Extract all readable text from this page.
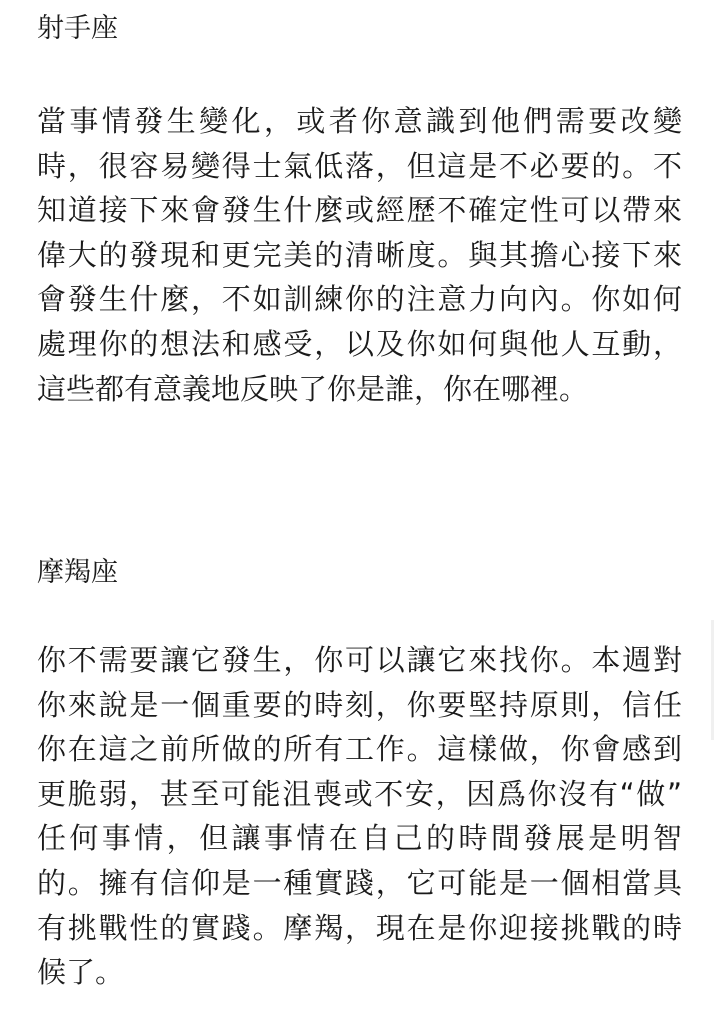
射手座

當事情發生變化，或者你意識到他們需要改變
時，很容易變得士氣低落，但這是不必要的。不
知道接下來會發生什麼或經歷不確定性可以帶來
偉大的發現和更完美的清晰度。與其擔心接下來
會發生什麼，不如訓練你的注意力向內。你如何
處理你的想法和感受，以及你如何與他人互動，
這些都有意義地反映了你是誰，你在哪裡。

摩羯座

你不需要讓它發生，你可以讓它來找你。本週對
你來說是一個重要的時刻，你要堅持原則，信任
你在這之前所做的所有工作。這樣做，你會感到
更脆弱，甚至可能沮喪或不安，因爲你沒有“做”
任何事情，但讓事情在自己的時間發展是明智
的。擁有信仰是一種實踐，它可能是一個相當具
有挑戰性的實踐。摩羯，現在是你迎接挑戰的時
候了。
